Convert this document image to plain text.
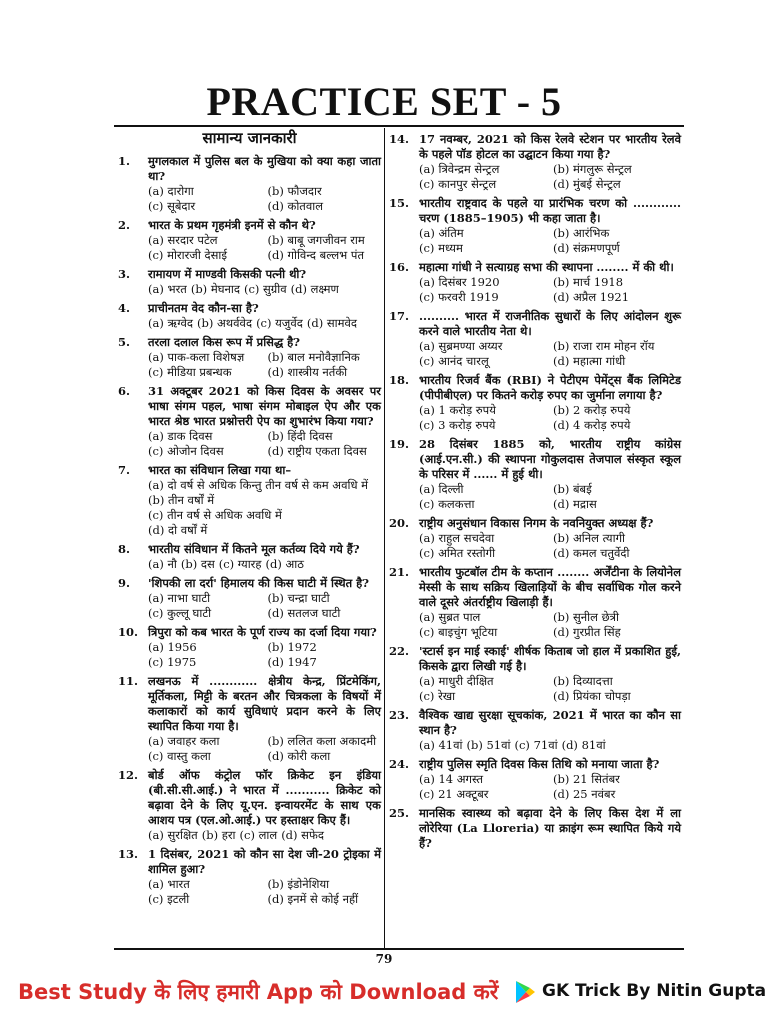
PRACTICE SET - 5
सामान्य जानकारी
1.	मुगलकाल में पुलिस बल के मुखिया को क्या कहा जाता था?
(a) दारोगा	(b) फौजदार
(c) सूबेदार	(d) कोतवाल
2.	भारत के प्रथम गृहमंत्री इनमें से कौन थे?
(a) सरदार पटेल	(b) बाबू जगजीवन राम
(c) मोरारजी देसाई	(d) गोविन्द बल्लभ पंत
3.	रामायण में माण्डवी किसकी पत्नी थी?
(a) भरत (b) मेघनाद (c) सुग्रीव (d) लक्ष्मण
4.	प्राचीनतम वेद कौन-सा है?
(a) ऋग्वेद (b) अथर्ववेद (c) यजुर्वेद (d) सामवेद
5.	तरला दलाल किस रूप में प्रसिद्ध है?
(a) पाक-कला विशेषज्ञ	(b) बाल मनोवैज्ञानिक
(c) मीडिया प्रबन्धक	(d) शास्त्रीय नर्तकी
6.	31 अक्टूबर 2021 को किस दिवस के अवसर पर भाषा संगम पहल, भाषा संगम मोबाइल ऐप और एक भारत श्रेष्ठ भारत प्रश्नोत्तरी ऐप का शुभारंभ किया गया?
(a) डाक दिवस	(b) हिंदी दिवस
(c) ओजोन दिवस	(d) राष्ट्रीय एकता दिवस
7.	भारत का संविधान लिखा गया था–
(a) दो वर्ष से अधिक किन्तु तीन वर्ष से कम अवधि में
(b) तीन वर्षों में
(c) तीन वर्ष से अधिक अवधि में
(d) दो वर्षों में
8.	भारतीय संविधान में कितने मूल कर्तव्य दिये गये हैं?
(a) नौ (b) दस (c) ग्यारह (d) आठ
9.	'शिपकी ला दर्रा' हिमालय की किस घाटी में स्थित है?
(a) नाभा घाटी	(b) चन्द्रा घाटी
(c) कुल्लू घाटी	(d) सतलज घाटी
10. त्रिपुरा को कब भारत के पूर्ण राज्य का दर्जा दिया गया?
(a) 1956	(b) 1972
(c) 1975	(d) 1947
11. लखनऊ में ............ क्षेत्रीय केन्द्र, प्रिंटमेकिंग, मूर्तिकला, मिट्टी के बरतन और चित्रकला के विषयों में कलाकारों को कार्य सुविधाएं प्रदान करने के लिए स्थापित किया गया है।
(a) जवाहर कला	(b) ललित कला अकादमी
(c) वास्तु कला	(d) कोरी कला
12. बोर्ड ऑफ कंट्रोल फॉर क्रिकेट इन इंडिया (बी.सी.सी.आई.) ने भारत में ........... क्रिकेट को बढ़ावा देने के लिए यू.एन. इन्वायरमेंट के साथ एक आशय पत्र (एल.ओ.आई.) पर हस्ताक्षर किए हैं।
(a) सुरक्षित (b) हरा (c) लाल (d) सफेद
13. 1 दिसंबर, 2021 को कौन सा देश जी-20 ट्रोइका में शामिल हुआ?
(a) भारत	(b) इंडोनेशिया
(c) इटली	(d) इनमें से कोई नहीं
14. 17 नवम्बर, 2021 को किस रेलवे स्टेशन पर भारतीय रेलवे के पहले पॉड होटल का उद्घाटन किया गया है?
(a) त्रिवेन्द्रम सेन्ट्रल	(b) मंगलुरू सेन्ट्रल
(c) कानपुर सेन्ट्रल	(d) मुंबई सेन्ट्रल
15. भारतीय राष्ट्रवाद के पहले या प्रारंभिक चरण को ............ चरण (1885–1905) भी कहा जाता है।
(a) अंतिम	(b) आरंभिक
(c) मध्यम	(d) संक्रमणपूर्ण
16. महात्मा गांधी ने सत्याग्रह सभा की स्थापना ........ में की थी।
(a) दिसंबर 1920	(b) मार्च 1918
(c) फरवरी 1919	(d) अप्रैल 1921
17. .......... भारत में राजनीतिक सुधारों के लिए आंदोलन शुरू करने वाले भारतीय नेता थे।
(a) सुब्रमण्या अय्यर	(b) राजा राम मोहन रॉय
(c) आनंद चारलू	(d) महात्मा गांधी
18. भारतीय रिजर्व बैंक (RBI) ने पेटीएम पेमेंट्स बैंक लिमिटेड (पीपीबीएल) पर कितने करोड़ रुपए का जुर्माना लगाया है?
(a) 1 करोड़ रुपये	(b) 2 करोड़ रुपये
(c) 3 करोड़ रुपये	(d) 4 करोड़ रुपये
19. 28 दिसंबर 1885 को, भारतीय राष्ट्रीय कांग्रेस (आई.एन.सी.) की स्थापना गोकुलदास तेजपाल संस्कृत स्कूल के परिसर में ...... में हुई थी।
(a) दिल्ली	(b) बंबई
(c) कलकत्ता	(d) मद्रास
20. राष्ट्रीय अनुसंधान विकास निगम के नवनियुक्त अध्यक्ष हैं?
(a) राहुल सचदेवा	(b) अनिल त्यागी
(c) अमित रस्तोगी	(d) कमल चतुर्वेदी
21. भारतीय फुटबॉल टीम के कप्तान ........ अर्जेंटीना के लियोनेल मेस्सी के साथ सक्रिय खिलाड़ियों के बीच सर्वाधिक गोल करने वाले दूसरे अंतर्राष्ट्रीय खिलाड़ी हैं।
(a) सुब्रत पाल	(b) सुनील छेत्री
(c) बाइचुंग भूटिया	(d) गुरप्रीत सिंह
22. 'स्टार्स इन माई स्काई' शीर्षक किताब जो हाल में प्रकाशित हुई, किसके द्वारा लिखी गई है।
(a) माधुरी दीक्षित	(b) दिव्यादत्ता
(c) रेखा	(d) प्रियंका चोपड़ा
23. वैश्विक खाद्य सुरक्षा सूचकांक, 2021 में भारत का कौन सा स्थान है?
(a) 41वां (b) 51वां (c) 71वां (d) 81वां
24. राष्ट्रीय पुलिस स्मृति दिवस किस तिथि को मनाया जाता है?
(a) 14 अगस्त	(b) 21 सितंबर
(c) 21 अक्टूबर	(d) 25 नवंबर
25. मानसिक स्वास्थ्य को बढ़ावा देने के लिए किस देश में ला लोरेरिया (La Lloreria) या क्राइंग रूम स्थापित किये गये हैं?
79
Best Study के लिए हमारी App को Download करें	GK Trick By Nitin Gupta
